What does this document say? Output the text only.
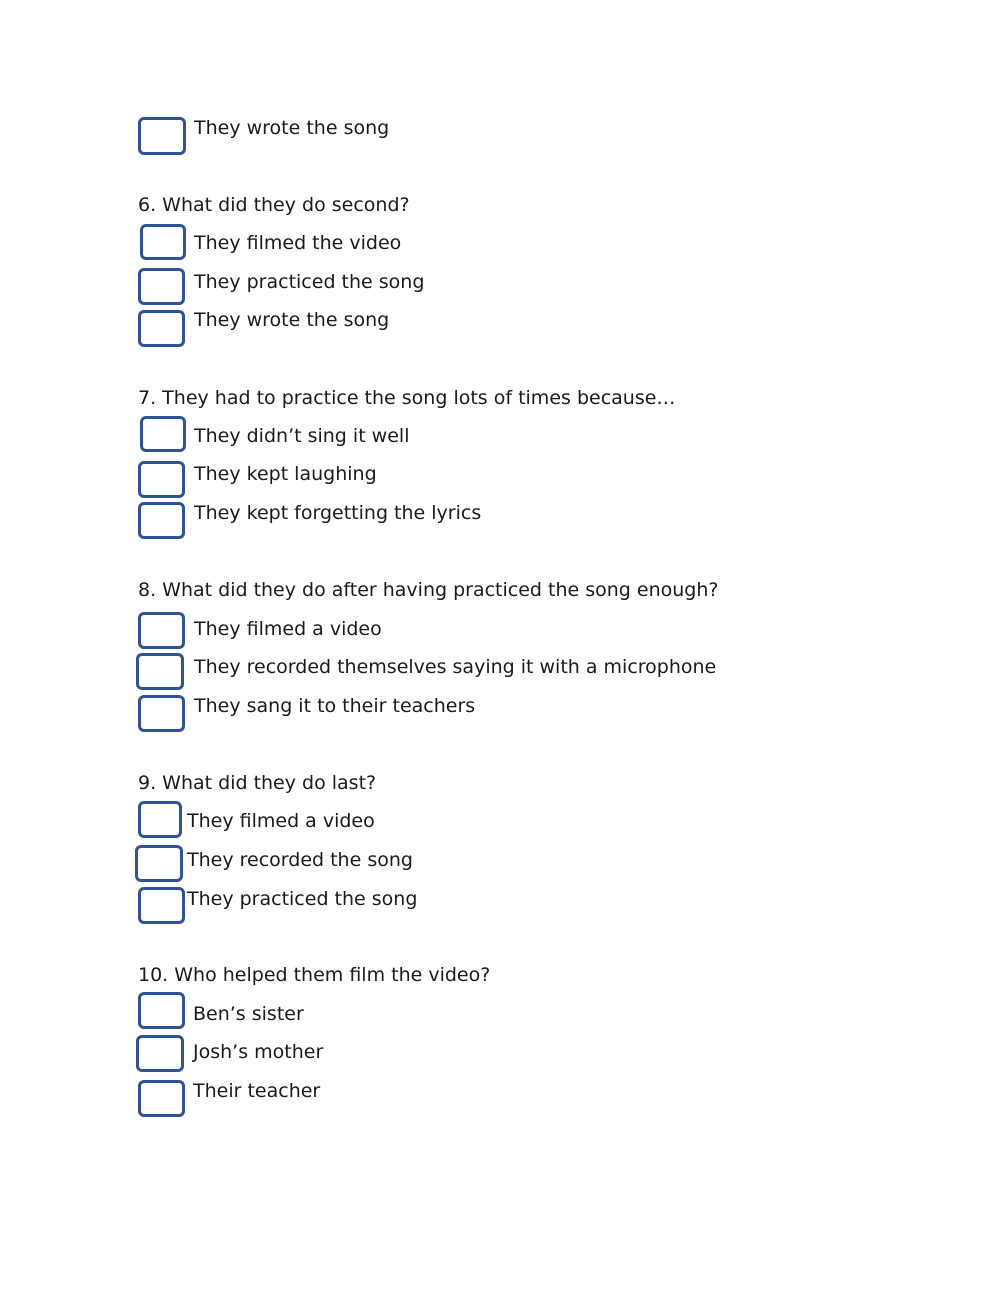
They wrote the song
6. What did they do second?
They filmed the video
They practiced the song
They wrote the song
7. They had to practice the song lots of times because…
They didn’t sing it well
They kept laughing
They kept forgetting the lyrics
8. What did they do after having practiced the song enough?
They filmed a video
They recorded themselves saying it with a microphone
They sang it to their teachers
9. What did they do last?
They filmed a video
They recorded the song
They practiced the song
10. Who helped them film the video?
Ben’s sister
Josh’s mother
Their teacher
